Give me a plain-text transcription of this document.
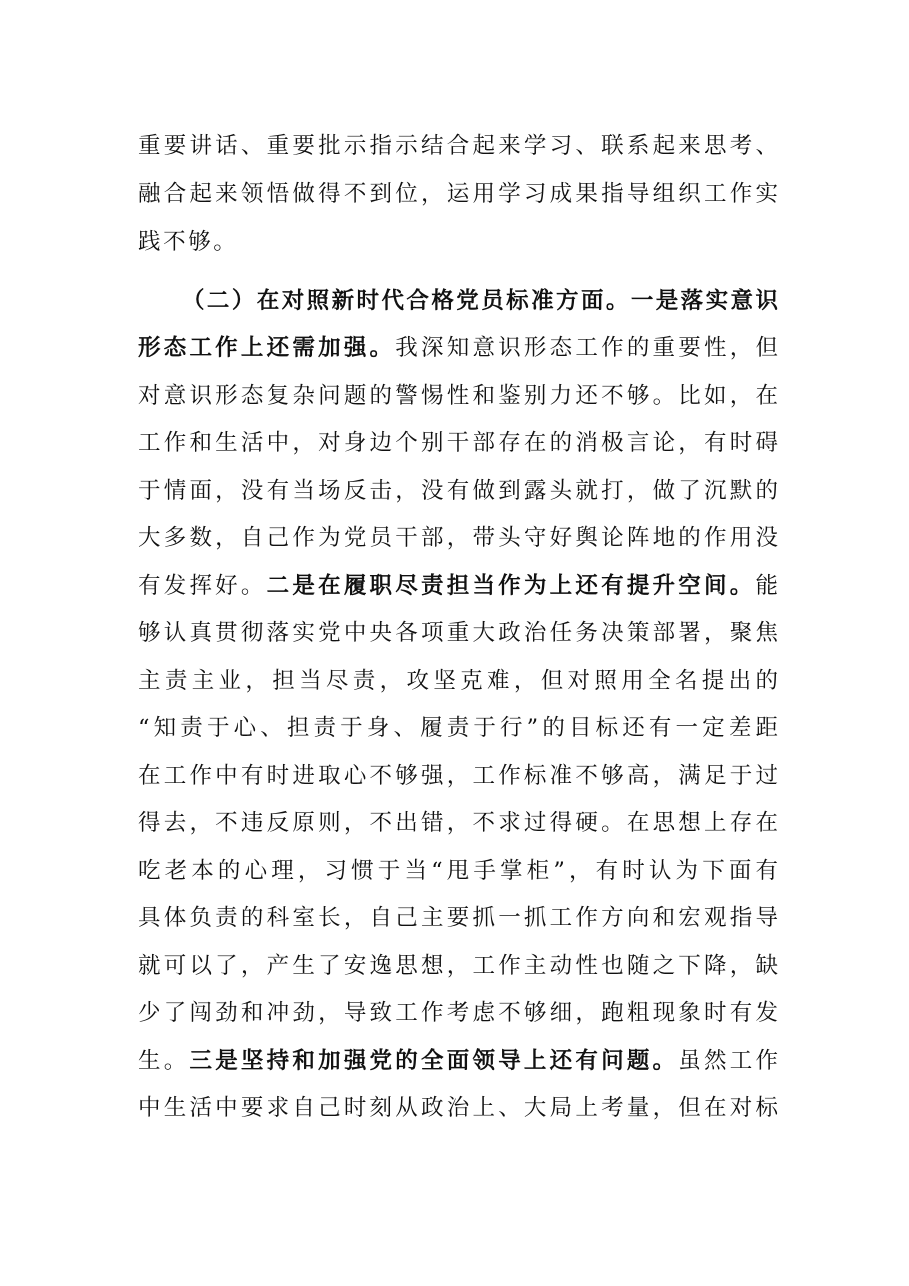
重要讲话、重要批示指示结合起来学习、联系起来思考、
融合起来领悟做得不到位，运用学习成果指导组织工作实
践不够。
（二）在对照新时代合格党员标准方面。一是落实意识
形态工作上还需加强。我深知意识形态工作的重要性，但
对意识形态复杂问题的警惕性和鉴别力还不够。比如，在
工作和生活中，对身边个别干部存在的消极言论，有时碍
于情面，没有当场反击，没有做到露头就打，做了沉默的
大多数，自己作为党员干部，带头守好舆论阵地的作用没
有发挥好。二是在履职尽责担当作为上还有提升空间。能
够认真贯彻落实党中央各项重大政治任务决策部署，聚焦
主责主业，担当尽责，攻坚克难，但对照用全名提出的
“知责于心、担责于身、履责于行”的目标还有一定差距
在工作中有时进取心不够强，工作标准不够高，满足于过
得去，不违反原则，不出错，不求过得硬。在思想上存在
吃老本的心理，习惯于当“甩手掌柜”，有时认为下面有
具体负责的科室长，自己主要抓一抓工作方向和宏观指导
就可以了，产生了安逸思想，工作主动性也随之下降，缺
少了闯劲和冲劲，导致工作考虑不够细，跑粗现象时有发
生。三是坚持和加强党的全面领导上还有问题。虽然工作
中生活中要求自己时刻从政治上、大局上考量，但在对标
